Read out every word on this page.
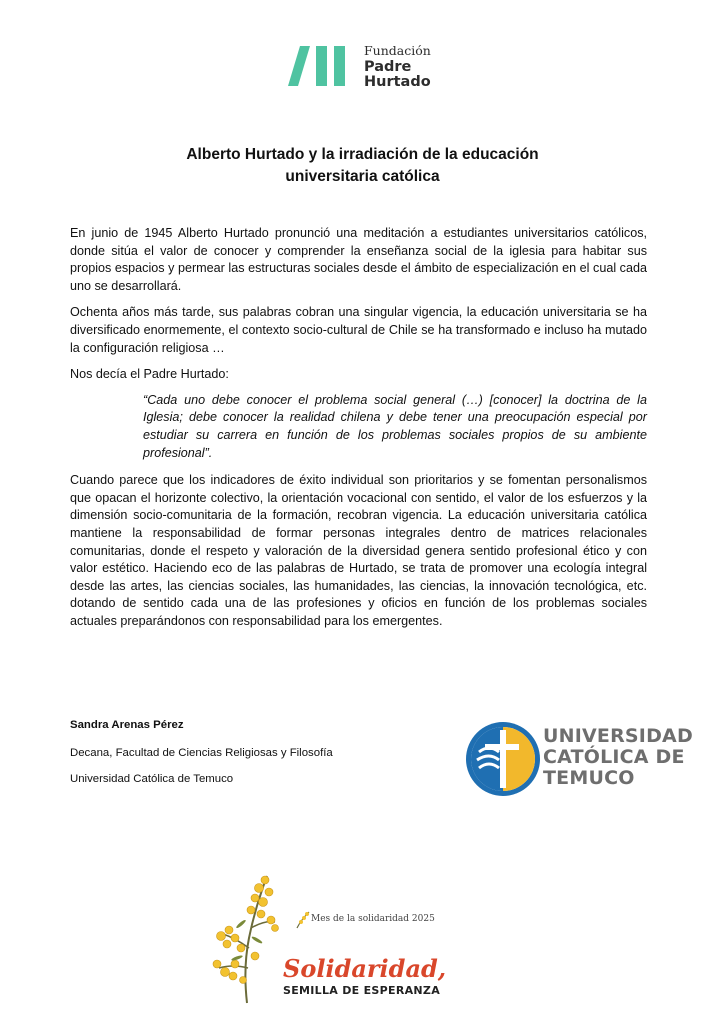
Fundación
Padre
Hurtado
Alberto Hurtado y la irradiación de la educación
universitaria católica

En junio de 1945 Alberto Hurtado pronunció una meditación a estudiantes universitarios católicos, donde sitúa el valor de conocer y comprender la enseñanza social de la iglesia para habitar sus propios espacios y permear las estructuras sociales desde el ámbito de especialización en el cual cada uno se desarrollará.

Ochenta años más tarde, sus palabras cobran una singular vigencia, la educación universitaria se ha diversificado enormemente, el contexto socio-cultural de Chile se ha transformado e incluso ha mutado la configuración religiosa …

Nos decía el Padre Hurtado:

“Cada uno debe conocer el problema social general (…) [conocer] la doctrina de la Iglesia; debe conocer la realidad chilena y debe tener una preocupación especial por estudiar su carrera en función de los problemas sociales propios de su ambiente profesional”.

Cuando parece que los indicadores de éxito individual son prioritarios y se fomentan personalismos que opacan el horizonte colectivo, la orientación vocacional con sentido, el valor de los esfuerzos y la dimensión socio-comunitaria de la formación, recobran vigencia. La educación universitaria católica mantiene la responsabilidad de formar personas integrales dentro de matrices relacionales comunitarias, donde el respeto y valoración de la diversidad genera sentido profesional ético y con valor estético. Haciendo eco de las palabras de Hurtado, se trata de promover una ecología integral desde las artes, las ciencias sociales, las humanidades, las ciencias, la innovación tecnológica, etc. dotando de sentido cada una de las profesiones y oficios en función de los problemas sociales actuales preparándonos con responsabilidad para los emergentes.

Sandra Arenas Pérez
Decana, Facultad de Ciencias Religiosas y Filosofía
Universidad Católica de Temuco
UNIVERSIDAD
CATÓLICA DE
TEMUCO
Mes de la solidaridad 2025
Solidaridad,
SEMILLA DE ESPERANZA
